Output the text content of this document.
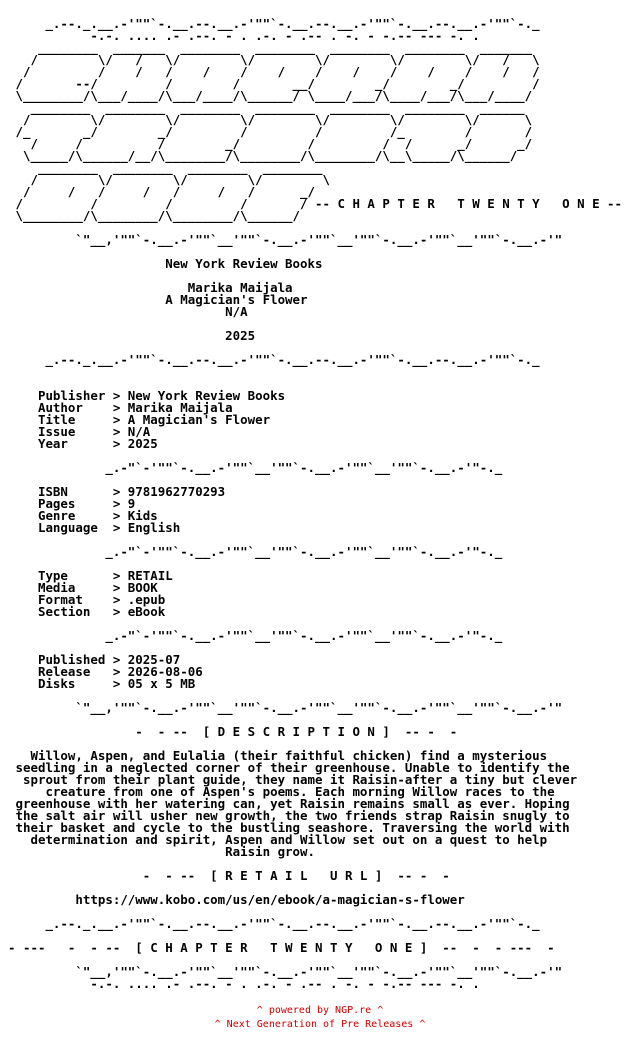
_.--._.__.-'""`-.__.--.__.-'""`-.__.--.__.-'""`-.__.--.__.-'""`-._
-.-. .... .- .--. - . .-. - .-- . -. - -.-- --- -. .
________  _______  ________  ________  ________  ________  _______
/        \/   /   \/        \/        \/        \/        \/   /   \
/         /    /   /    /    /    /    /    /    /    /    /    /   /
/       --/         /        /       __/        _/        _/         /
\________/\___/____/\___/____/\______/ \____/___/\____/___/\___/____/
________  ________  ________  ________  ________  ________  ______
/        \/        \/        \/        \/        \/        \/      \
/_       _/        _/         /         /         /_        /       /
/     /          /        _/         /         /  /      _/      _/
\_____/\______/__/\________/\________/\________/\__\_____/\______/
________  ________  ________  ________
/        \/        \/        \/        \
/     /   /     /   /     /   /      _/
/         /         /         /       / -- C H A P T E R   T W E N T Y   O N E --
\________/\________/\________/\______/

`"__,'""`-.__.-'""`__'""`-.__.-'""`__'""`-.__.-'""`__'""`-.__.-'"

New York Review Books

Marika Maijala
A Magician's Flower
N/A

2025

_.--._.__.-'""`-.__.--.__.-'""`-.__.--.__.-'""`-.__.--.__.-'""`-._

Publisher > New York Review Books
Author    > Marika Maijala
Title     > A Magician's Flower
Issue     > N/A
Year      > 2025

_.-"`-'""`-.__.-'""`__'""`-.__.-'""`__'""`-.__.-'"-._

ISBN      > 9781962770293
Pages     > 9
Genre     > Kids
Language  > English

_.-"`-'""`-.__.-'""`__'""`-.__.-'""`__'""`-.__.-'"-._

Type      > RETAIL
Media     > BOOK
Format    > .epub
Section   > eBook

_.-"`-'""`-.__.-'""`__'""`-.__.-'""`__'""`-.__.-'"-._

Published > 2025-07
Release   > 2026-08-06
Disks     > 05 x 5 MB

`"__,'""`-.__.-'""`__'""`-.__.-'""`__'""`-.__.-'""`__'""`-.__.-'"

-  - --  [ D E S C R I P T I O N ]  -- -  -

Willow, Aspen, and Eulalia (their faithful chicken) find a mysterious
seedling in a neglected corner of their greenhouse. Unable to identify the
sprout from their plant guide, they name it Raisin-after a tiny but clever
creature from one of Aspen's poems. Each morning Willow races to the
greenhouse with her watering can, yet Raisin remains small as ever. Hoping
the salt air will usher new growth, the two friends strap Raisin snugly to
their basket and cycle to the bustling seashore. Traversing the world with
determination and spirit, Aspen and Willow set out on a quest to help
Raisin grow.

-  - --  [ R E T A I L   U R L ]  -- -  -

https://www.kobo.com/us/en/ebook/a-magician-s-flower

_.--._.__.-'""`-.__.--.__.-'""`-.__.--.__.-'""`-.__.--.__.-'""`-._

- ---   -  - --  [ C H A P T E R   T W E N T Y   O N E ]  --  -  - ---  -

`"__,'""`-.__.-'""`__'""`-.__.-'""`__'""`-.__.-'""`__'""`-.__.-'"
-.-. .... .- .--. - . .-. - .-- . -. - -.-- --- -. .
^ powered by NGP.re ^
^ Next Generation of Pre Releases ^
